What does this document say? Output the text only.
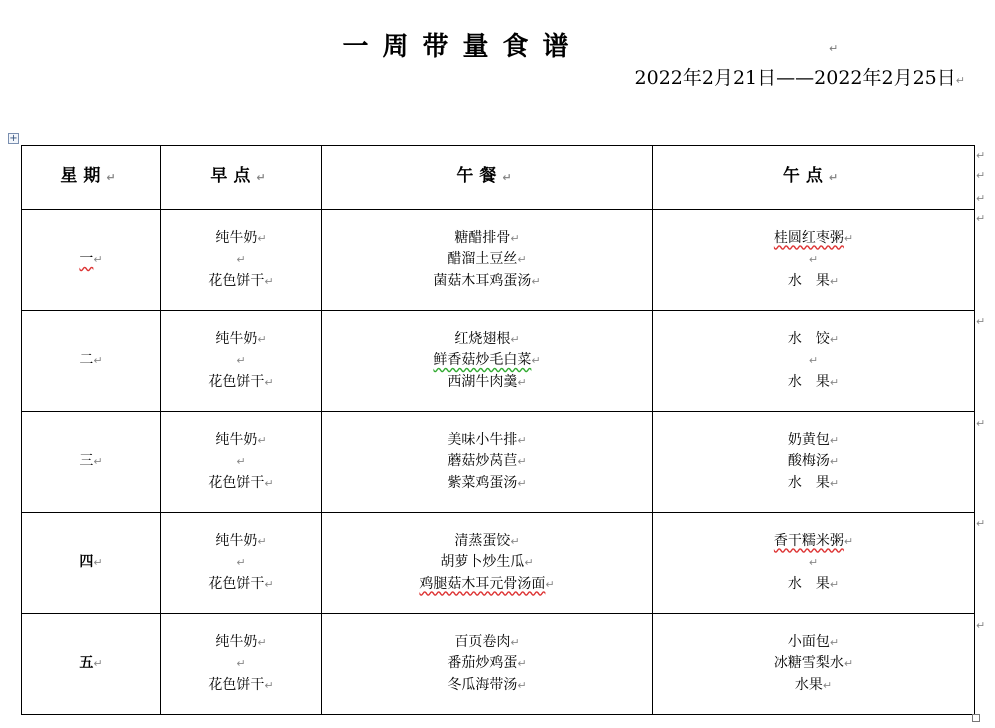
一周带量食谱	↵
2022年2月21日——2022年2月25日↵
+
星期↵	早点↵	午餐↵	午点↵
一↵	纯牛奶↵
↵
花色饼干↵	糖醋排骨↵
醋溜土豆丝↵
菌菇木耳鸡蛋汤↵	桂圆红枣粥↵
↵
水　果↵

二↵	纯牛奶↵
↵
花色饼干↵	红烧翅根↵
鲜香菇炒毛白菜↵
西湖牛肉羹↵	水　饺↵
↵
水　果↵

三↵	纯牛奶↵
↵
花色饼干↵	美味小牛排↵
蘑菇炒莴苣↵
紫菜鸡蛋汤↵	奶黄包↵
酸梅汤↵
水　果↵

四↵	纯牛奶↵
↵
花色饼干↵	清蒸蛋饺↵
胡萝卜炒生瓜↵
鸡腿菇木耳元骨汤面↵	香干糯米粥↵
↵
水　果↵

五↵	纯牛奶↵
↵
花色饼干↵	百页卷肉↵
番茄炒鸡蛋↵
冬瓜海带汤↵	小面包↵
冰糖雪梨水↵
水果↵
↵
↵
↵
↵
↵
↵
↵
↵
